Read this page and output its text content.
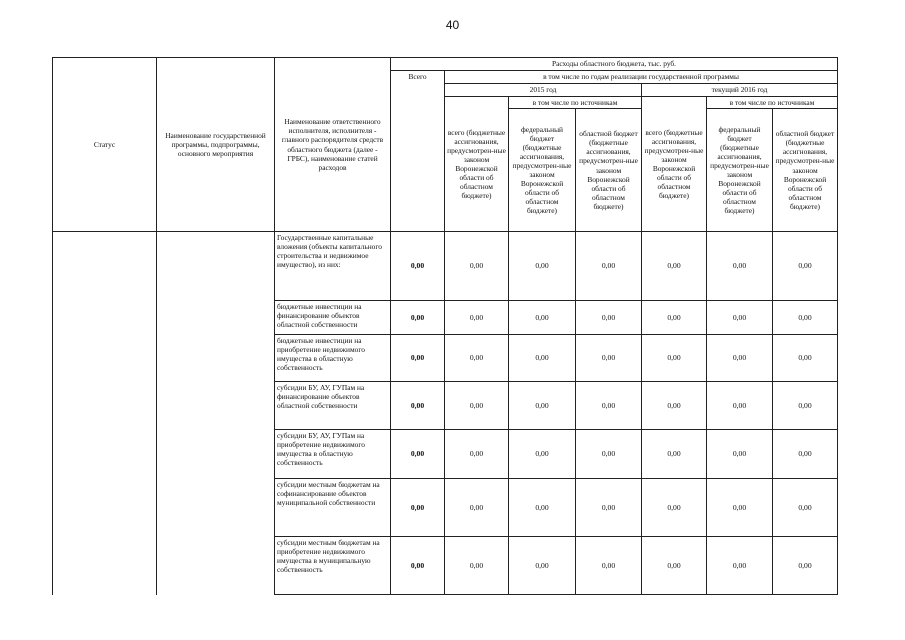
40
Статус	Наименование государственной программы, подпрограммы, основного мероприятия	Наименование ответственного исполнителя, исполнителя - главного распорядителя средств областного бюджета (далее - ГРБС), наименование статей расходов	Расходы областного бюджета, тыс. руб.						
			Всего	в том числе по годам реализации государственной программы					
				2015 год			текущий 2016 год		
				всего (бюджетные ассигнования, предусмотрен-ные законом Воронежской области об областном бюджете)	в том числе по источникам		всего (бюджетные ассигнования, предусмотрен-ные законом Воронежской области об областном бюджете)	в том числе по источникам	
					федеральный бюджет (бюджетные ассигнования, предусмотрен-ные законом Воронежской области об областном бюджете)	областной бюджет (бюджетные ассигнования, предусмотрен-ные законом Воронежской области об областном бюджете)		федеральный бюджет (бюджетные ассигнования, предусмотрен-ные законом Воронежской области об областном бюджете)	областной бюджет (бюджетные ассигнования, предусмотрен-ные законом Воронежской области об областном бюджете)
		Государственные капитальные вложения (объекты капитального строительства и недвижимое имущество), из них:	0,00	0,00	0,00	0,00	0,00	0,00	0,00
		бюджетные инвестиции на финансирование объектов областной собственности	0,00	0,00	0,00	0,00	0,00	0,00	0,00
		бюджетные инвестиции на приобретение недвижимого имущества в областную собственность	0,00	0,00	0,00	0,00	0,00	0,00	0,00
		субсидии БУ, АУ, ГУПам на финансирование объектов областной собственности	0,00	0,00	0,00	0,00	0,00	0,00	0,00
		субсидии БУ, АУ, ГУПам на приобретение недвижимого имущества в областную собственность	0,00	0,00	0,00	0,00	0,00	0,00	0,00
		субсидии местным бюджетам на софинансирование объектов муниципальной собственности	0,00	0,00	0,00	0,00	0,00	0,00	0,00
		субсидии местным бюджетам на приобретение недвижимого имущества в муниципальную собственность	0,00	0,00	0,00	0,00	0,00	0,00	0,00
